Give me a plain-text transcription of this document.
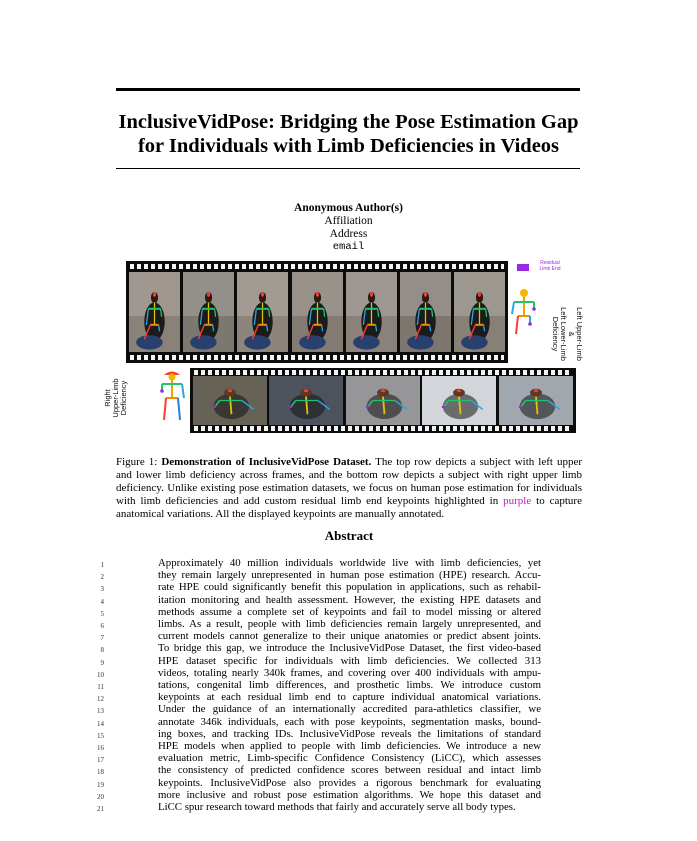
InclusiveVidPose: Bridging the Pose Estimation Gap
for Individuals with Limb Deficiencies in Videos
Anonymous Author(s)
Affiliation
Address
email
Residual
Limb End
Left Upper-Limb &
Left Lower-Limb
Deficiency
Right Upper-Limb Deficiency
Figure 1: Demonstration of InclusiveVidPose Dataset. The top row depicts a subject with left upper and lower limb deficiency across frames, and the bottom row depicts a subject with right upper limb deficiency. Unlike existing pose estimation datasets, we focus on human pose estimation for individuals with limb deficiencies and add custom residual limb end keypoints highlighted in purple to capture anatomical variations. All the displayed keypoints are manually annotated.
Abstract
1	Approximately 40 million individuals worldwide live with limb deficiencies, yet
2	they remain largely unrepresented in human pose estimation (HPE) research. Accu-
3	rate HPE could significantly benefit this population in applications, such as rehabil-
4	itation monitoring and health assessment. However, the existing HPE datasets and
5	methods assume a complete set of keypoints and fail to model missing or altered
6	limbs. As a result, people with limb deficiencies remain largely unrepresented, and
7	current models cannot generalize to their unique anatomies or predict absent joints.
8	To bridge this gap, we introduce the InclusiveVidPose Dataset, the first video-based
9	HPE dataset specific for individuals with limb deficiencies. We collected 313
10	videos, totaling nearly 340k frames, and covering over 400 individuals with ampu-
11	tations, congenital limb differences, and prosthetic limbs. We introduce custom
12	keypoints at each residual limb end to capture individual anatomical variations.
13	Under the guidance of an internationally accredited para-athletics classifier, we
14	annotate 346k individuals, each with pose keypoints, segmentation masks, bound-
15	ing boxes, and tracking IDs. InclusiveVidPose reveals the limitations of standard
16	HPE models when applied to people with limb deficiencies. We introduce a new
17	evaluation metric, Limb-specific Confidence Consistency (LiCC), which assesses
18	the consistency of predicted confidence scores between residual and intact limb
19	keypoints. InclusiveVidPose also provides a rigorous benchmark for evaluating
20	more inclusive and robust pose estimation algorithms. We hope this dataset and
21	LiCC spur research toward methods that fairly and accurately serve all body types.
